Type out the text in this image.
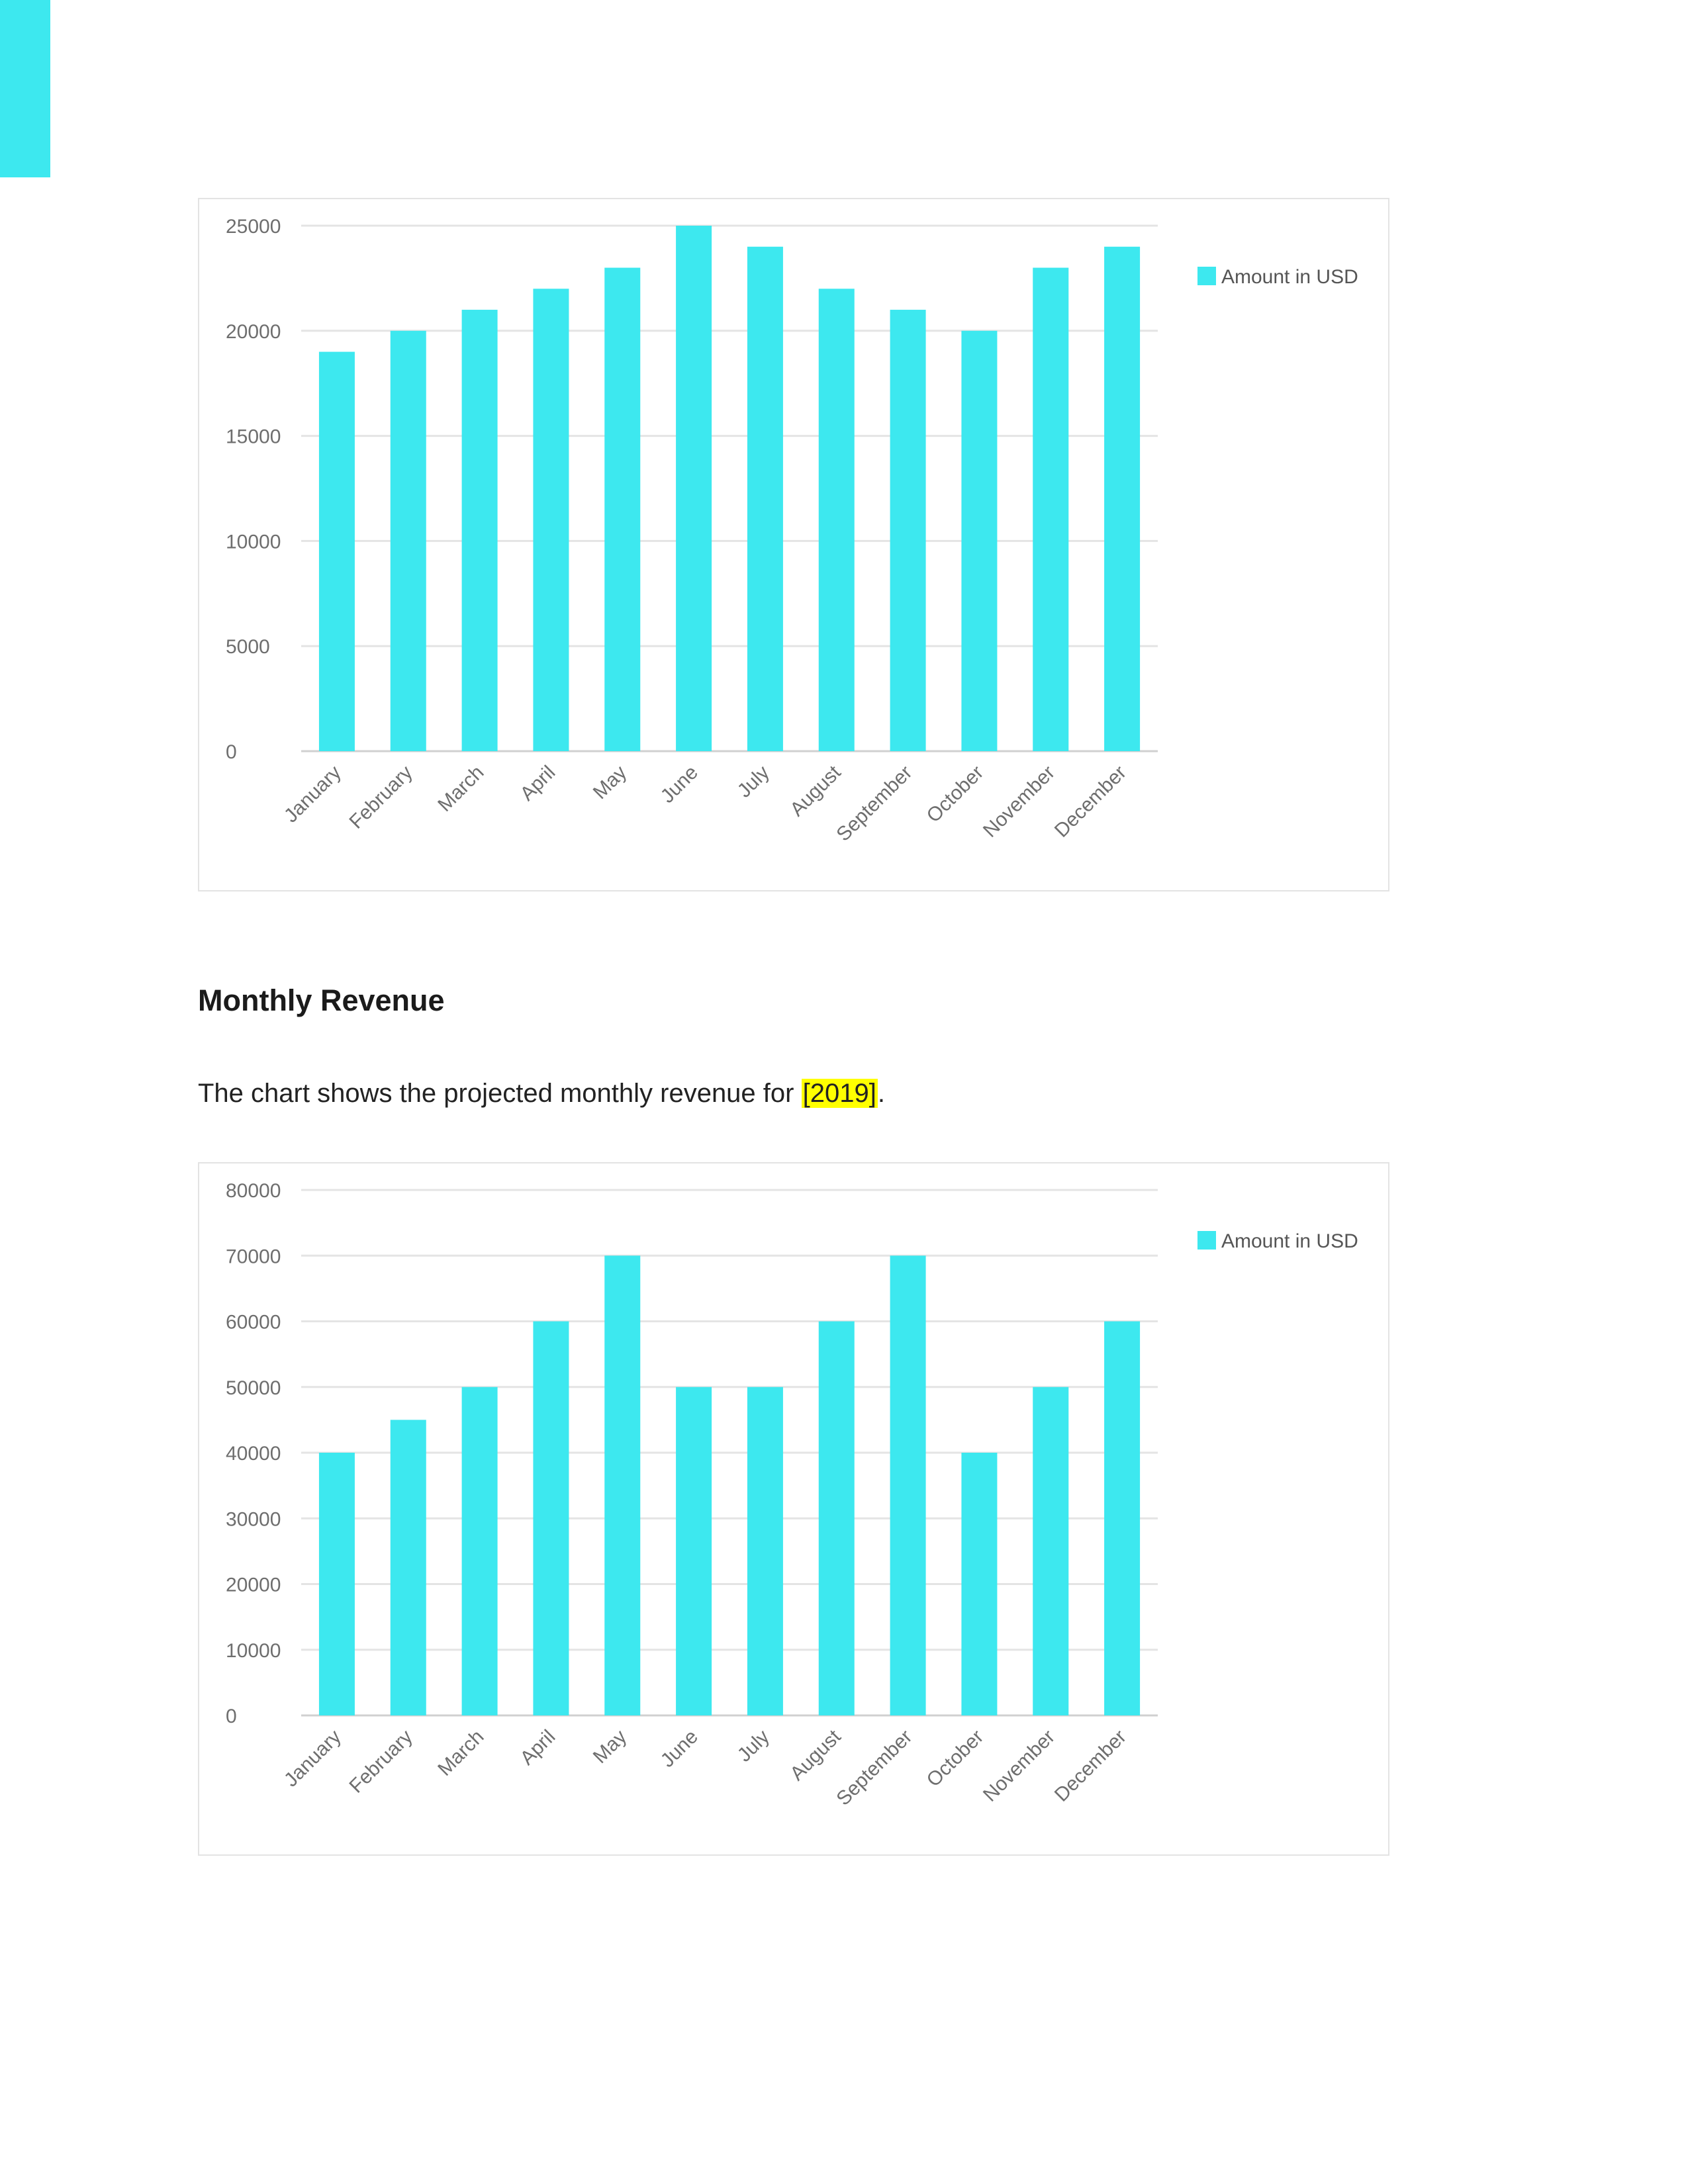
0
5000
10000
15000
20000
25000
January February March April May June July August
September October
November
December
Amount in USD
Monthly Revenue

The chart shows the projected monthly revenue for [2019].

0
10000
20000
30000
40000
50000
60000
70000
80000
January February March April May June July August
September October
November
December
Amount in USD
